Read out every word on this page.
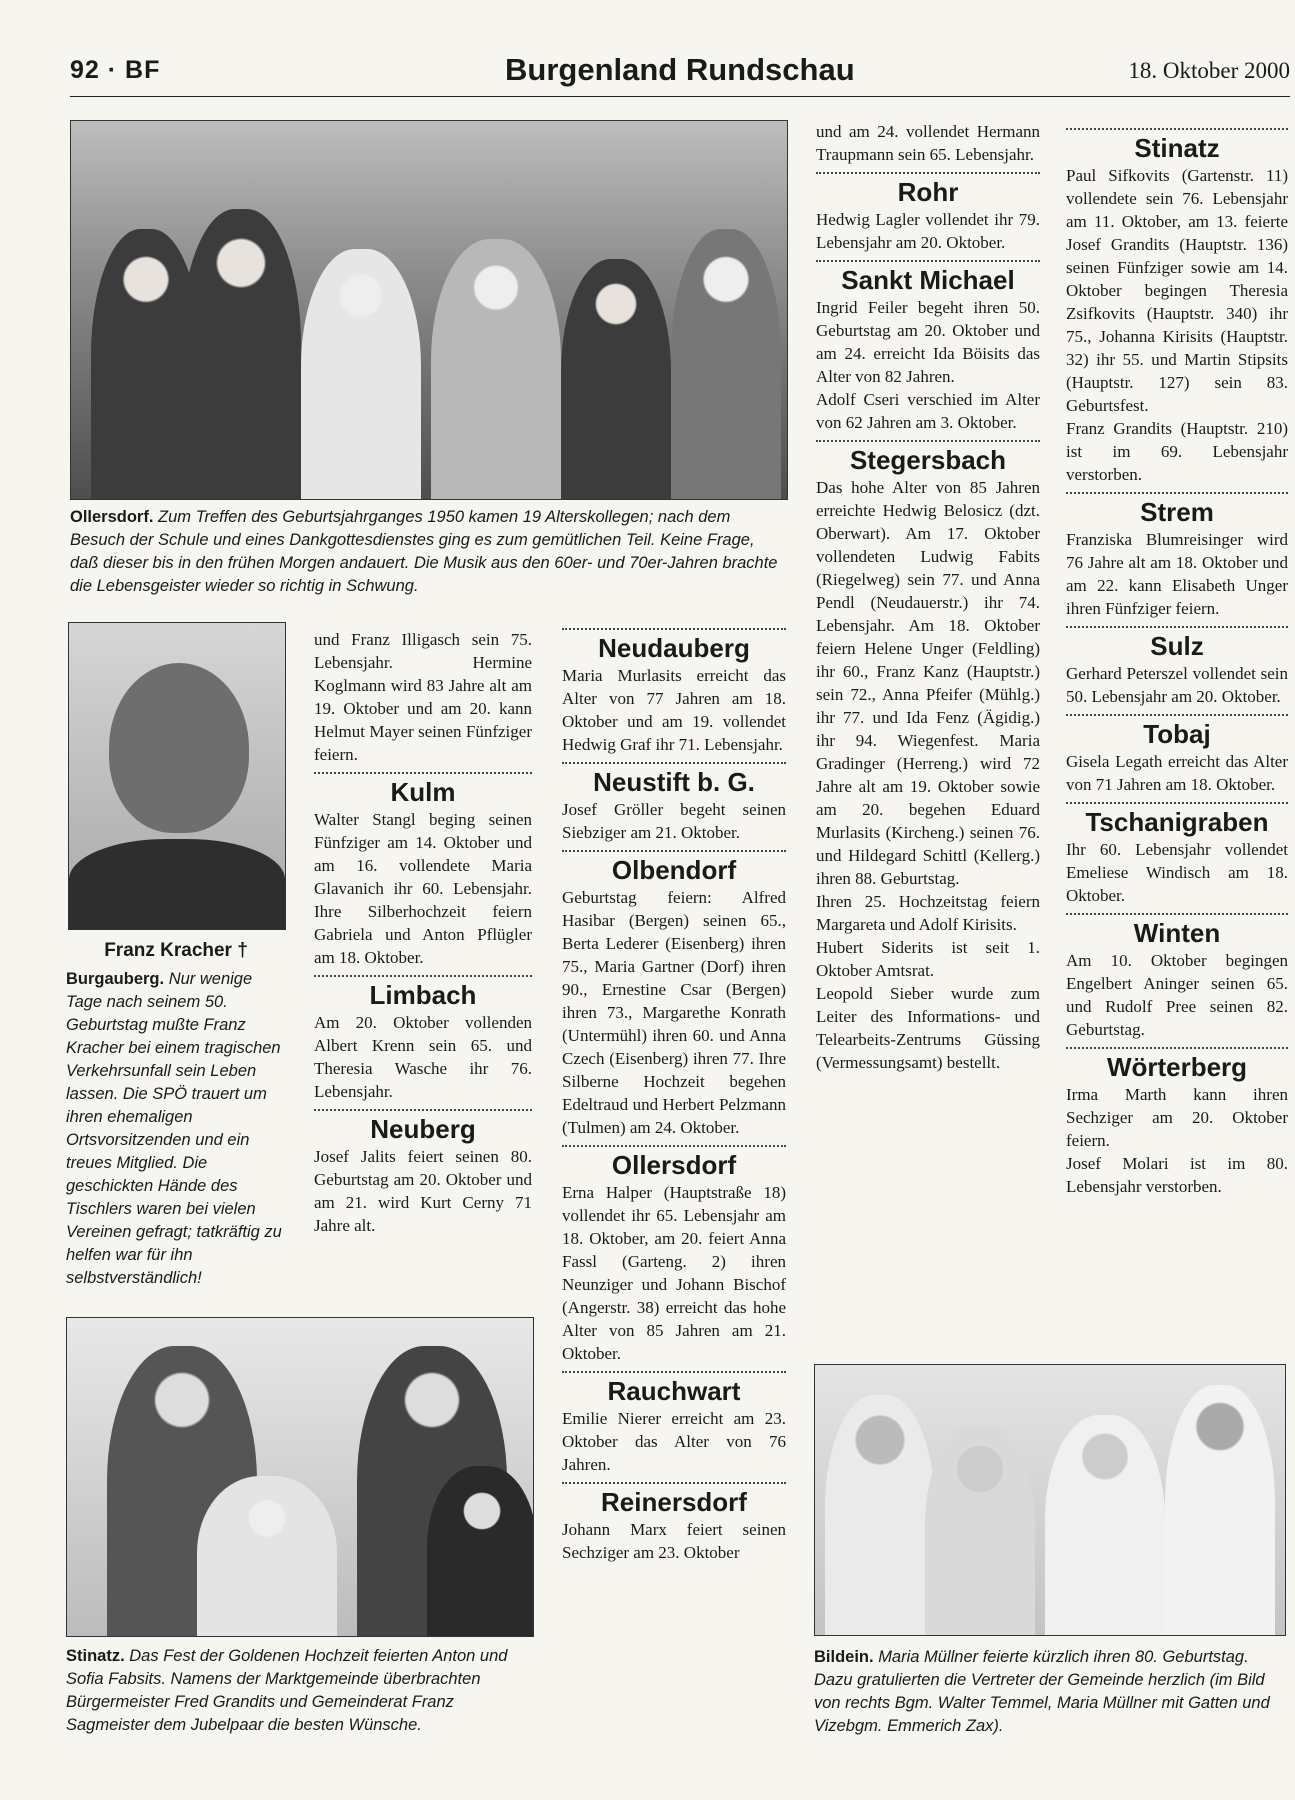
92 · BF	Burgenland Rundschau	18. Oktober 2000

Ollersdorf. Zum Treffen des Geburtsjahrganges 1950 kamen 19 Alterskollegen; nach dem Besuch der Schule und eines Dankgottesdienstes ging es zum gemütlichen Teil. Keine Frage, daß dieser bis in den frühen Morgen andauert. Die Musik aus den 60er- und 70er-Jahren brachte die Lebensgeister wieder so richtig in Schwung.

Franz Kracher †

Burgauberg. Nur wenige Tage nach seinem 50. Geburtstag mußte Franz Kracher bei einem tragischen Verkehrsunfall sein Leben lassen. Die SPÖ trauert um ihren ehemaligen Ortsvorsitzenden und ein treues Mitglied. Die geschickten Hände des Tischlers waren bei vielen Vereinen gefragt; tatkräftig zu helfen war für ihn selbstverständlich!

und Franz Illigasch sein 75. Lebensjahr. Hermine Koglmann wird 83 Jahre alt am 19. Oktober und am 20. kann Helmut Mayer seinen Fünfziger feiern.

Kulm

Walter Stangl beging seinen Fünfziger am 14. Oktober und am 16. vollendete Maria Glavanich ihr 60. Lebensjahr. Ihre Silberhochzeit feiern Gabriela und Anton Pflügler am 18. Oktober.

Limbach

Am 20. Oktober vollenden Albert Krenn sein 65. und Theresia Wasche ihr 76. Lebensjahr.

Neuberg

Josef Jalits feiert seinen 80. Geburtstag am 20. Oktober und am 21. wird Kurt Cerny 71 Jahre alt.

Stinatz. Das Fest der Goldenen Hochzeit feierten Anton und Sofia Fabsits. Namens der Marktgemeinde überbrachten Bürgermeister Fred Grandits und Gemeinderat Franz Sagmeister dem Jubelpaar die besten Wünsche.

Neudauberg

Maria Murlasits erreicht das Alter von 77 Jahren am 18. Oktober und am 19. vollendet Hedwig Graf ihr 71. Lebensjahr.

Neustift b. G.

Josef Gröller begeht seinen Siebziger am 21. Oktober.

Olbendorf

Geburtstag feiern: Alfred Hasibar (Bergen) seinen 65., Berta Lederer (Eisenberg) ihren 75., Maria Gartner (Dorf) ihren 90., Ernestine Csar (Bergen) ihren 73., Margarethe Konrath (Untermühl) ihren 60. und Anna Czech (Eisenberg) ihren 77. Ihre Silberne Hochzeit begehen Edeltraud und Herbert Pelzmann (Tulmen) am 24. Oktober.

Ollersdorf

Erna Halper (Hauptstraße 18) vollendet ihr 65. Lebensjahr am 18. Oktober, am 20. feiert Anna Fassl (Garteng. 2) ihren Neunziger und Johann Bischof (Angerstr. 38) erreicht das hohe Alter von 85 Jahren am 21. Oktober.

Rauchwart

Emilie Nierer erreicht am 23. Oktober das Alter von 76 Jahren.

Reinersdorf

Johann Marx feiert seinen Sechziger am 23. Oktober

und am 24. vollendet Hermann Traupmann sein 65. Lebensjahr.

Rohr

Hedwig Lagler vollendet ihr 79. Lebensjahr am 20. Oktober.

Sankt Michael

Ingrid Feiler begeht ihren 50. Geburtstag am 20. Oktober und am 24. erreicht Ida Böisits das Alter von 82 Jahren.

Adolf Cseri verschied im Alter von 62 Jahren am 3. Oktober.

Stegersbach

Das hohe Alter von 85 Jahren erreichte Hedwig Belosicz (dzt. Oberwart). Am 17. Oktober vollendeten Ludwig Fabits (Riegelweg) sein 77. und Anna Pendl (Neudauerstr.) ihr 74. Lebensjahr. Am 18. Oktober feiern Helene Unger (Feldling) ihr 60., Franz Kanz (Hauptstr.) sein 72., Anna Pfeifer (Mühlg.) ihr 77. und Ida Fenz (Ägidig.) ihr 94. Wiegenfest. Maria Gradinger (Herreng.) wird 72 Jahre alt am 19. Oktober sowie am 20. begehen Eduard Murlasits (Kircheng.) seinen 76. und Hildegard Schittl (Kellerg.) ihren 88. Geburtstag.

Ihren 25. Hochzeitstag feiern Margareta und Adolf Kirisits.

Hubert Siderits ist seit 1. Oktober Amtsrat.

Leopold Sieber wurde zum Leiter des Informations- und Telearbeits-Zentrums Güssing (Vermessungsamt) bestellt.

Stinatz

Paul Sifkovits (Gartenstr. 11) vollendete sein 76. Lebensjahr am 11. Oktober, am 13. feierte Josef Grandits (Hauptstr. 136) seinen Fünfziger sowie am 14. Oktober begingen Theresia Zsifkovits (Hauptstr. 340) ihr 75., Johanna Kirisits (Hauptstr. 32) ihr 55. und Martin Stipsits (Hauptstr. 127) sein 83. Geburtsfest.

Franz Grandits (Hauptstr. 210) ist im 69. Lebensjahr verstorben.

Strem

Franziska Blumreisinger wird 76 Jahre alt am 18. Oktober und am 22. kann Elisabeth Unger ihren Fünfziger feiern.

Sulz

Gerhard Peterszel vollendet sein 50. Lebensjahr am 20. Oktober.

Tobaj

Gisela Legath erreicht das Alter von 71 Jahren am 18. Oktober.

Tschanigraben

Ihr 60. Lebensjahr vollendet Emeliese Windisch am 18. Oktober.

Winten

Am 10. Oktober begingen Engelbert Aninger seinen 65. und Rudolf Pree seinen 82. Geburtstag.

Wörterberg

Irma Marth kann ihren Sechziger am 20. Oktober feiern.

Josef Molari ist im 80. Lebensjahr verstorben.

Bildein. Maria Müllner feierte kürzlich ihren 80. Geburtstag. Dazu gratulierten die Vertreter der Gemeinde herzlich (im Bild von rechts Bgm. Walter Temmel, Maria Müllner mit Gatten und Vizebgm. Emmerich Zax).
